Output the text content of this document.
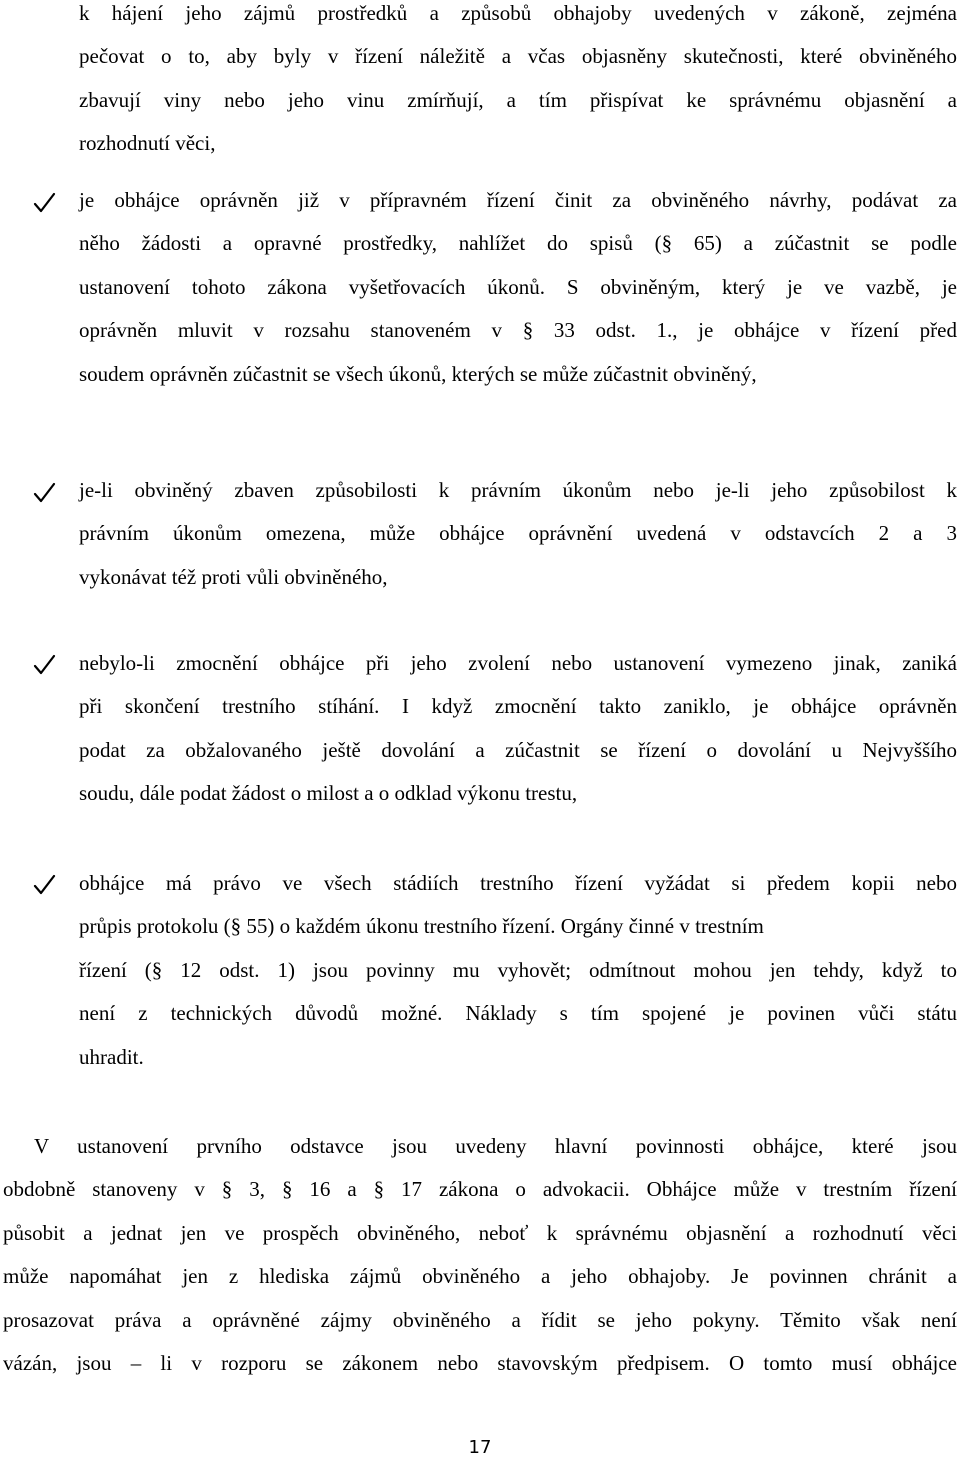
k hájení jeho zájmů prostředků a způsobů obhajoby uvedených v zákoně, zejména
pečovat o to, aby byly v řízení náležitě a včas objasněny skutečnosti, které obviněného
zbavují viny nebo jeho vinu zmírňují, a tím přispívat ke správnému objasnění a
rozhodnutí věci,
je obhájce oprávněn již v přípravném řízení činit za obviněného návrhy, podávat za
něho žádosti a opravné prostředky, nahlížet do spisů (§ 65) a zúčastnit se podle
ustanovení tohoto zákona vyšetřovacích úkonů. S obviněným, který je ve vazbě, je
oprávněn mluvit v rozsahu stanoveném v § 33 odst. 1., je obhájce v řízení před
soudem oprávněn zúčastnit se všech úkonů, kterých se může zúčastnit obviněný,
je-li obviněný zbaven způsobilosti k právním úkonům nebo je-li jeho způsobilost k
právním úkonům omezena, může obhájce oprávnění uvedená v odstavcích 2 a 3
vykonávat též proti vůli obviněného,
nebylo-li zmocnění obhájce při jeho zvolení nebo ustanovení vymezeno jinak, zaniká
při skončení trestního stíhání. I když zmocnění takto zaniklo, je obhájce oprávněn
podat za obžalovaného ještě dovolání a zúčastnit se řízení o dovolání u Nejvyššího
soudu, dále podat žádost o milost a o odklad výkonu trestu,
obhájce má právo ve všech stádiích trestního řízení vyžádat si předem kopii nebo
průpis protokolu (§ 55) o každém úkonu trestního řízení. Orgány činné v trestním
řízení (§ 12 odst. 1) jsou povinny mu vyhovět; odmítnout mohou jen tehdy, když to
není z technických důvodů možné. Náklady s tím spojené je povinen vůči státu
uhradit.
V ustanovení prvního odstavce jsou uvedeny hlavní povinnosti obhájce, které jsou
obdobně stanoveny v § 3, § 16 a § 17 zákona o advokacii. Obhájce může v trestním řízení
působit a jednat jen ve prospěch obviněného, neboť k správnému objasnění a rozhodnutí věci
může napomáhat jen z hlediska zájmů obviněného a jeho obhajoby. Je povinnen chránit a
prosazovat práva a oprávněné zájmy obviněného a řídit se jeho pokyny. Těmito však není
vázán, jsou – li v rozporu se zákonem nebo stavovským předpisem. O tomto musí obhájce
17
